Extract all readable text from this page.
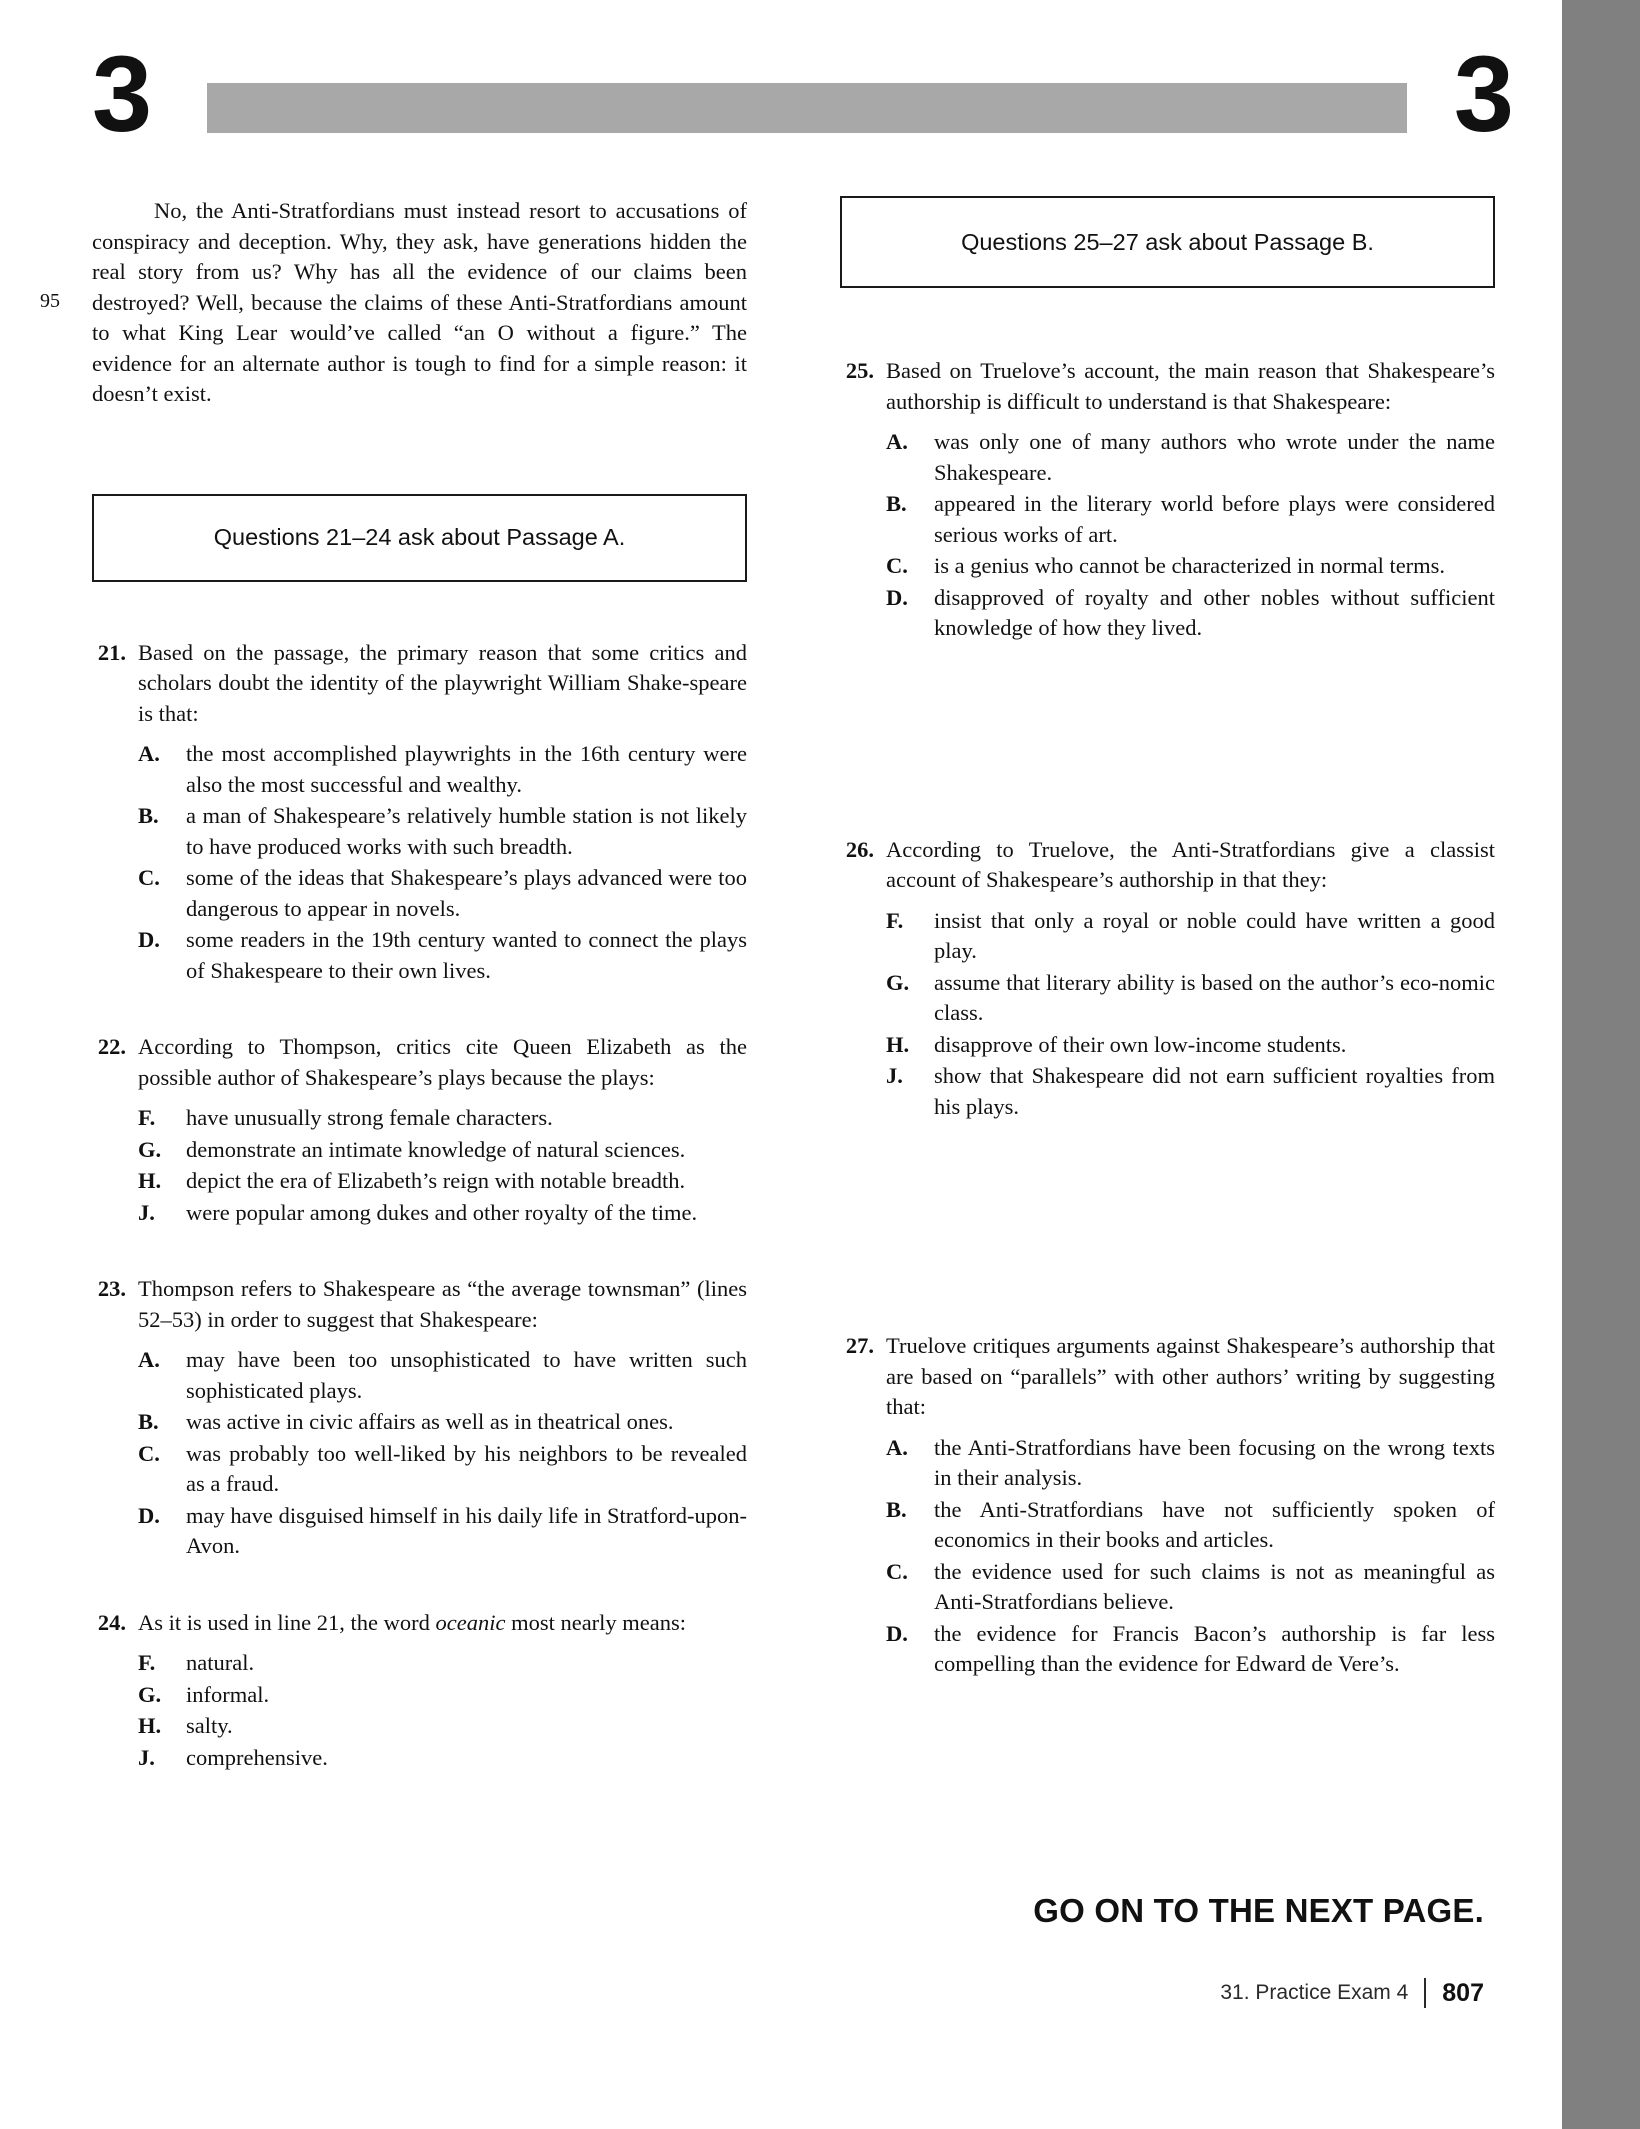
3	3
95
No, the Anti-Stratfordians must instead resort to accusations of conspiracy and deception. Why, they ask, have generations hidden the real story from us? Why has all the evidence of our claims been destroyed? Well, because the claims of these Anti-Stratfordians amount to what King Lear would’ve called “an O without a figure.” The evidence for an alternate author is tough to find for a simple reason: it doesn’t exist.
Questions 21–24 ask about Passage A.
21. Based on the passage, the primary reason that some critics and scholars doubt the identity of the playwright William Shake-speare is that:
A.	the most accomplished playwrights in the 16th century were also the most successful and wealthy.
B.	a man of Shakespeare’s relatively humble station is not likely to have produced works with such breadth.
C.	some of the ideas that Shakespeare’s plays advanced were too dangerous to appear in novels.
D.	some readers in the 19th century wanted to connect the plays of Shakespeare to their own lives.
22. According to Thompson, critics cite Queen Elizabeth as the possible author of Shakespeare’s plays because the plays:
F.	have unusually strong female characters.
G.	demonstrate an intimate knowledge of natural sciences.
H.	depict the era of Elizabeth’s reign with notable breadth.
J.	were popular among dukes and other royalty of the time.
23. Thompson refers to Shakespeare as “the average townsman” (lines 52–53) in order to suggest that Shakespeare:
A.	may have been too unsophisticated to have written such sophisticated plays.
B.	was active in civic affairs as well as in theatrical ones.
C.	was probably too well-liked by his neighbors to be revealed as a fraud.
D.	may have disguised himself in his daily life in Stratford-upon-Avon.
24. As it is used in line 21, the word oceanic most nearly means:
F.	natural.
G.	informal.
H.	salty.
J.	comprehensive.
Questions 25–27 ask about Passage B.
25. Based on Truelove’s account, the main reason that Shakespeare’s authorship is difficult to understand is that Shakespeare:
A.	was only one of many authors who wrote under the name Shakespeare.
B.	appeared in the literary world before plays were considered serious works of art.
C.	is a genius who cannot be characterized in normal terms.
D.	disapproved of royalty and other nobles without sufficient knowledge of how they lived.
26. According to Truelove, the Anti-Stratfordians give a classist account of Shakespeare’s authorship in that they:
F.	insist that only a royal or noble could have written a good play.
G.	assume that literary ability is based on the author’s eco-nomic class.
H.	disapprove of their own low-income students.
J.	show that Shakespeare did not earn sufficient royalties from his plays.
27. Truelove critiques arguments against Shakespeare’s authorship that are based on “parallels” with other authors’ writing by suggesting that:
A.	the Anti-Stratfordians have been focusing on the wrong texts in their analysis.
B.	the Anti-Stratfordians have not sufficiently spoken of economics in their books and articles.
C.	the evidence used for such claims is not as meaningful as Anti-Stratfordians believe.
D.	the evidence for Francis Bacon’s authorship is far less compelling than the evidence for Edward de Vere’s.
GO ON TO THE NEXT PAGE.
31. Practice Exam 4 807
